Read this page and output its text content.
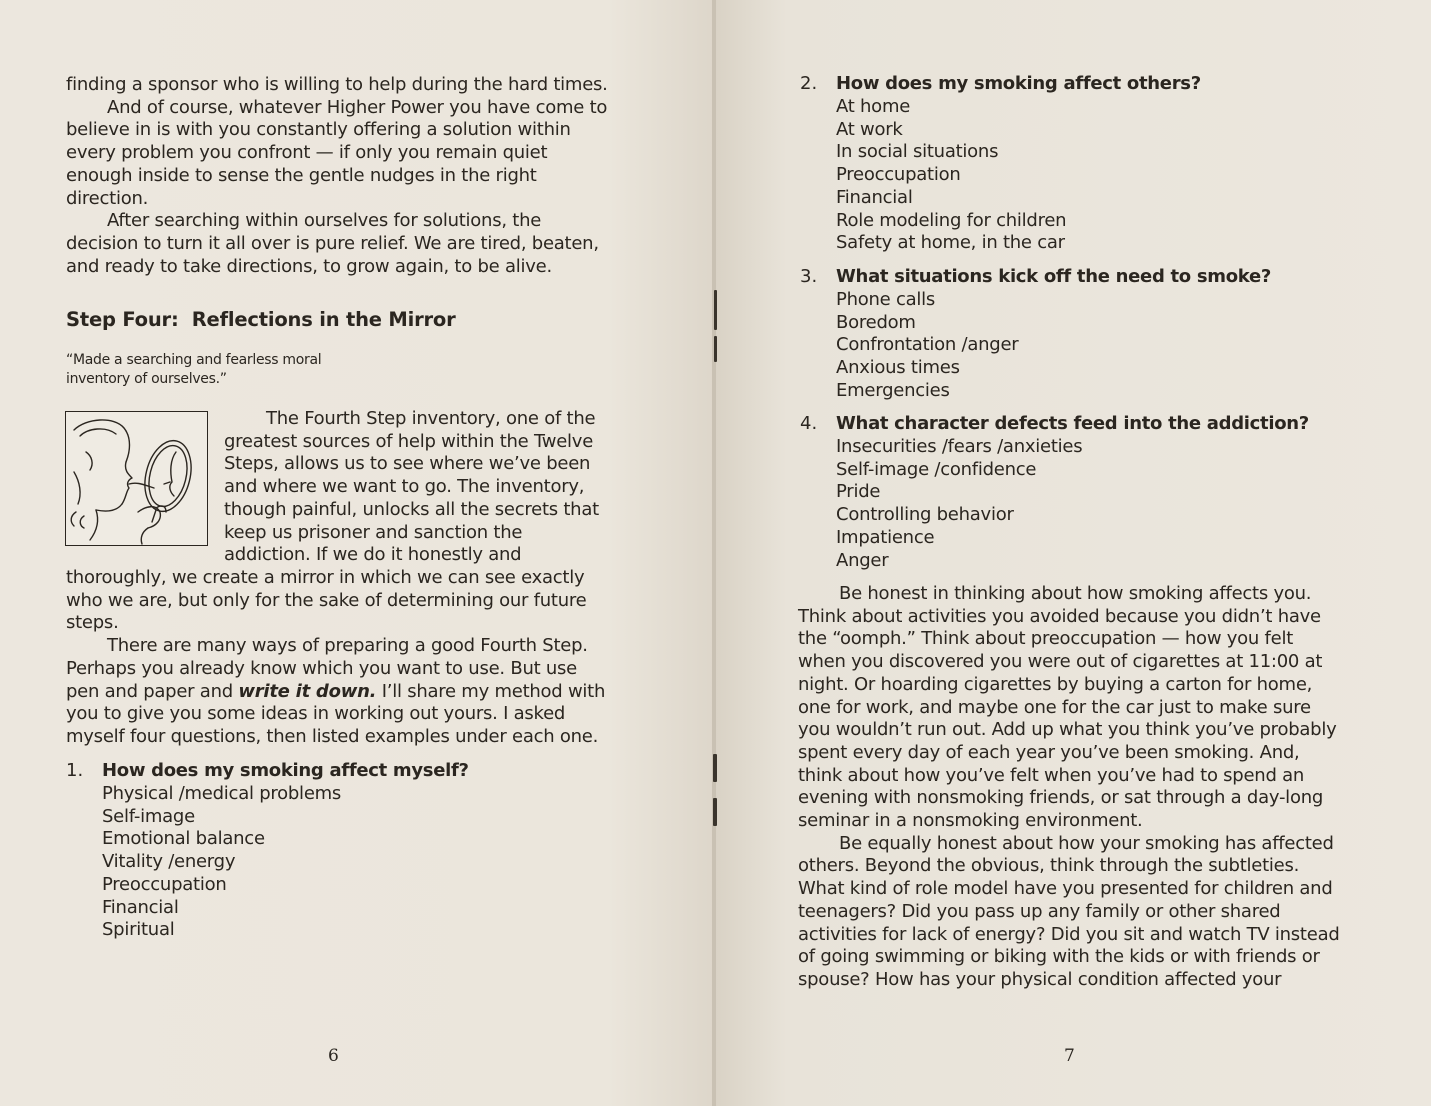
finding a sponsor who is willing to help during the hard times.

And of course, whatever Higher Power you have come to believe in is with you constantly offering a solution within every problem you confront — if only you remain quiet enough inside to sense the gentle nudges in the right direction.

After searching within ourselves for solutions, the decision to turn it all over is pure relief. We are tired, beaten, and ready to take directions, to grow again, to be alive.

Step Four:  Reflections in the Mirror
“Made a searching and fearless moral
inventory of ourselves.”
The Fourth Step inventory, one of the greatest sources of help within the Twelve Steps, allows us to see where we’ve been and where we want to go. The inventory, though painful, unlocks all the secrets that keep us prisoner and sanction the addiction. If we do it honestly and

thoroughly, we create a mirror in which we can see exactly who we are, but only for the sake of determining our future steps.

There are many ways of preparing a good Fourth Step. Perhaps you already know which you want to use. But use pen and paper and write it down. I’ll share my method with you to give you some ideas in working out yours. I asked myself four questions, then listed examples under each one.

1. How does my smoking affect myself?
Physical /medical problems
Self-image
Emotional balance
Vitality /energy
Preoccupation
Financial
Spiritual
6
2. How does my smoking affect others?
At home
At work
In social situations
Preoccupation
Financial
Role modeling for children
Safety at home, in the car
3. What situations kick off the need to smoke?
Phone calls
Boredom
Confrontation /anger
Anxious times
Emergencies
4. What character defects feed into the addiction?
Insecurities /fears /anxieties
Self-image /confidence
Pride
Controlling behavior
Impatience
Anger

Be honest in thinking about how smoking affects you. Think about activities you avoided because you didn’t have the “oomph.” Think about preoccupation — how you felt when you discovered you were out of cigarettes at 11:00 at night. Or hoarding cigarettes by buying a carton for home, one for work, and maybe one for the car just to make sure you wouldn’t run out. Add up what you think you’ve probably spent every day of each year you’ve been smoking. And, think about how you’ve felt when you’ve had to spend an evening with nonsmoking friends, or sat through a day-long seminar in a nonsmoking environment.

Be equally honest about how your smoking has affected others. Beyond the obvious, think through the subtleties. What kind of role model have you presented for children and teenagers? Did you pass up any family or other shared activities for lack of energy? Did you sit and watch TV instead of going swimming or biking with the kids or with friends or spouse? How has your physical condition affected your

7
